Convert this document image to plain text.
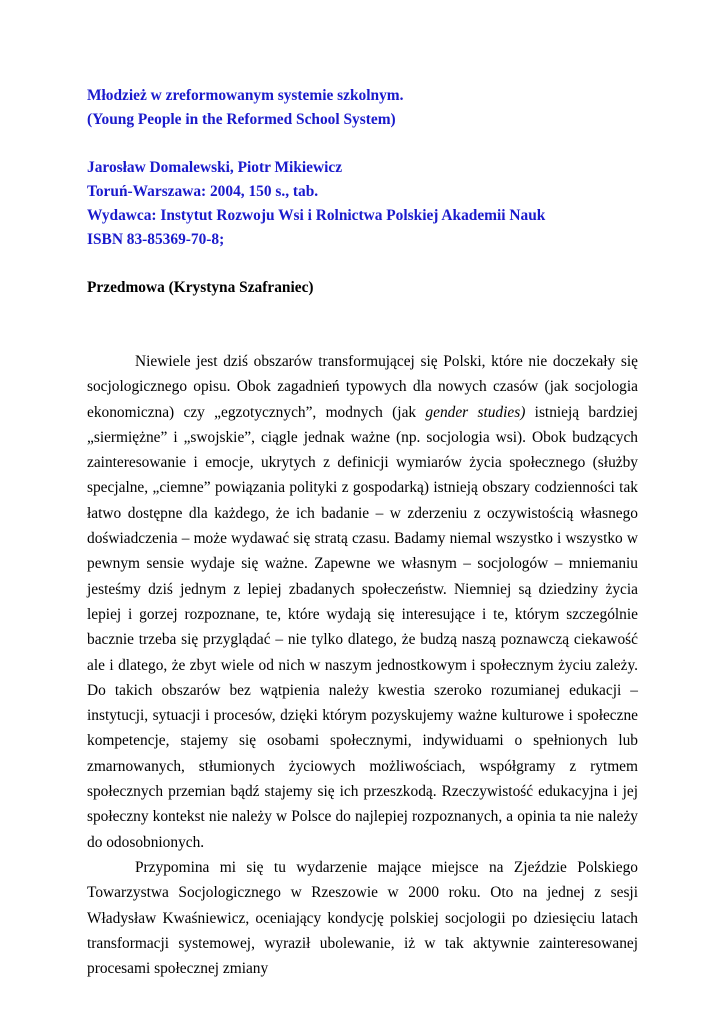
Młodzież w zreformowanym systemie szkolnym.
(Young People in the Reformed School System)
Jarosław Domalewski, Piotr Mikiewicz
Toruń-Warszawa: 2004, 150 s., tab.
Wydawca: Instytut Rozwoju Wsi i Rolnictwa Polskiej Akademii Nauk
ISBN 83-85369-70-8;
Przedmowa (Krystyna Szafraniec)

Niewiele jest dziś obszarów transformującej się Polski, które nie doczekały się socjologicznego opisu. Obok zagadnień typowych dla nowych czasów (jak socjologia ekonomiczna) czy „egzotycznych”, modnych (jak gender studies) istnieją bardziej „siermiężne” i „swojskie”, ciągle jednak ważne (np. socjologia wsi). Obok budzących zainteresowanie i emocje, ukrytych z definicji wymiarów życia społecznego (służby specjalne, „ciemne” powiązania polityki z gospodarką) istnieją obszary codzienności tak łatwo dostępne dla każdego, że ich badanie – w zderzeniu z oczywistością własnego doświadczenia – może wydawać się stratą czasu. Badamy niemal wszystko i wszystko w pewnym sensie wydaje się ważne. Zapewne we własnym – socjologów – mniemaniu jesteśmy dziś jednym z lepiej zbadanych społeczeństw. Niemniej są dziedziny życia lepiej i gorzej rozpoznane, te, które wydają się interesujące i te, którym szczególnie bacznie trzeba się przyglądać – nie tylko dlatego, że budzą naszą poznawczą ciekawość ale i dlatego, że zbyt wiele od nich w naszym jednostkowym i społecznym życiu zależy. Do takich obszarów bez wątpienia należy kwestia szeroko rozumianej edukacji – instytucji, sytuacji i procesów, dzięki którym pozyskujemy ważne kulturowe i społeczne kompetencje, stajemy się osobami społecznymi, indywiduami o spełnionych lub zmarnowanych, stłumionych życiowych możliwościach, współgramy z rytmem społecznych przemian bądź stajemy się ich przeszkodą. Rzeczywistość edukacyjna i jej społeczny kontekst nie należy w Polsce do najlepiej rozpoznanych, a opinia ta nie należy do odosobnionych.

Przypomina mi się tu wydarzenie mające miejsce na Zjeździe Polskiego Towarzystwa Socjologicznego w Rzeszowie w 2000 roku. Oto na jednej z sesji Władysław Kwaśniewicz, oceniający kondycję polskiej socjologii po dziesięciu latach transformacji systemowej, wyraził ubolewanie, iż w tak aktywnie zainteresowanej procesami społecznej zmiany
